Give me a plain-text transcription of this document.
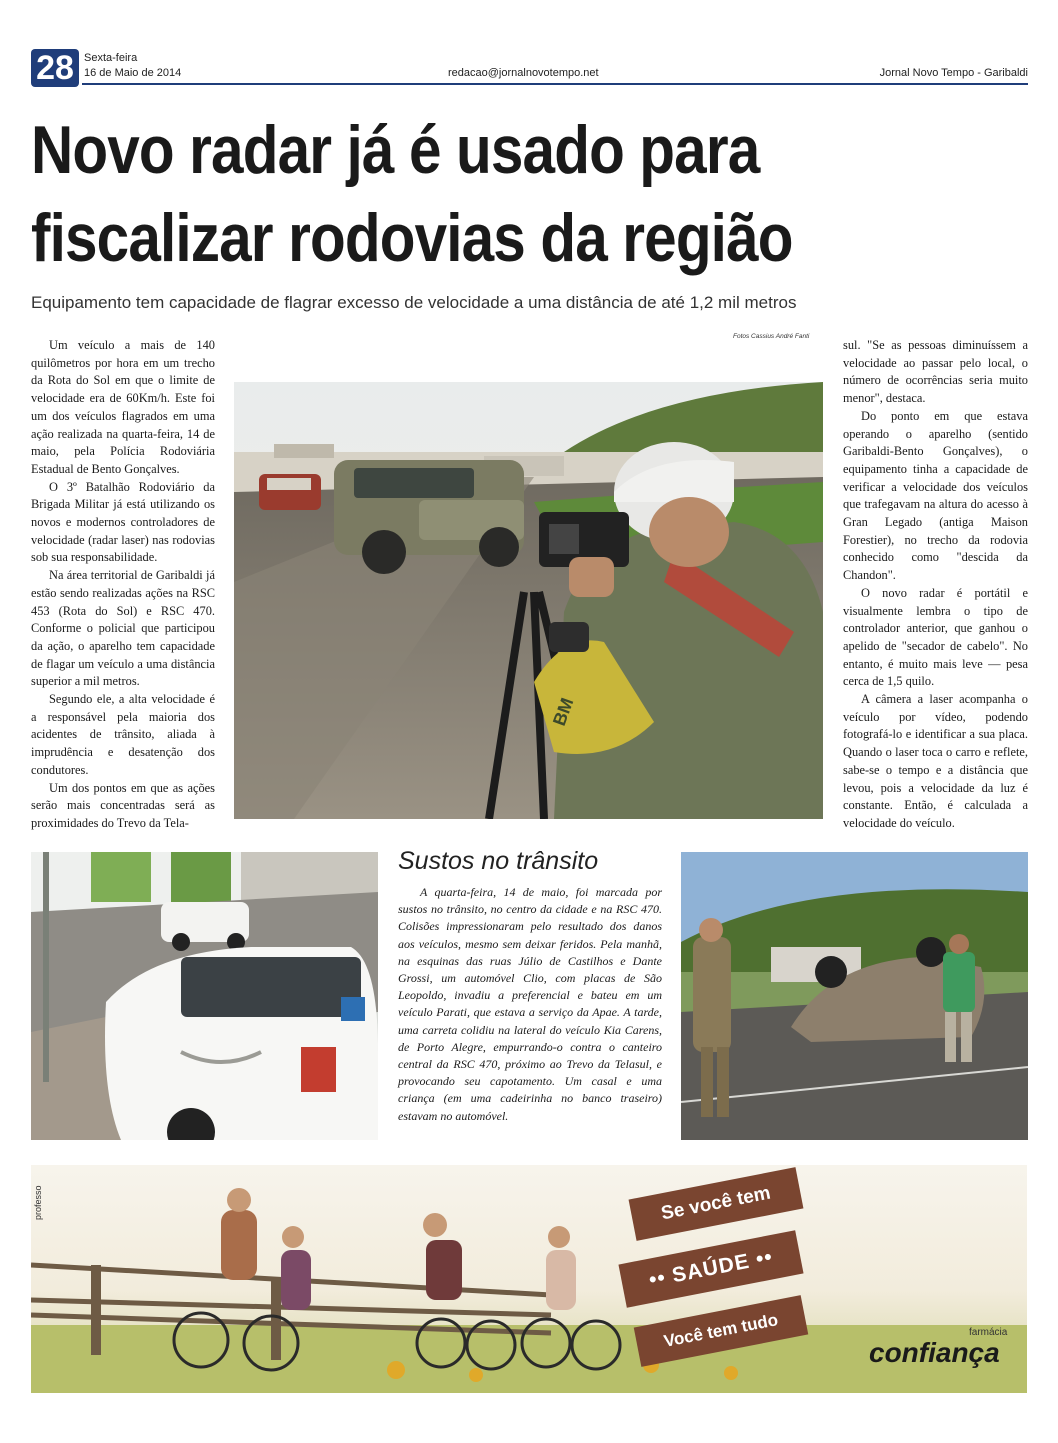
28 Sexta-feira
16 de Maio de 2014	redacao@jornalnovotempo.net	Jornal Novo Tempo - Garibaldi
Novo radar já é usado para
fiscalizar rodovias da região
Equipamento tem capacidade de flagrar excesso de velocidade a uma distância de até 1,2 mil metros

Um veículo a mais de 140 quilômetros por hora em um trecho da Rota do Sol em que o limite de velocidade era de 60Km/h. Este foi um dos veículos flagrados em uma ação realizada na quarta-feira, 14 de maio, pela Polícia Rodoviária Estadual de Bento Gonçalves.

O 3º Batalhão Rodoviário da Brigada Militar já está utilizando os novos e modernos controladores de velocidade (radar laser) nas rodovias sob sua responsabilidade.

Na área territorial de Garibaldi já estão sendo realizadas ações na RSC 453 (Rota do Sol) e RSC 470. Conforme o policial que participou da ação, o aparelho tem capacidade de flagar um veículo a uma distância superior a mil metros.

Segundo ele, a alta velocidade é a responsável pela maioria dos acidentes de trânsito, aliada à imprudência e desatenção dos condutores.

Um dos pontos em que as ações serão mais concentradas será as proximidades do Trevo da Tela-

Fotos Cassius André Fanti
BM

sul. "Se as pessoas diminuíssem a velocidade ao passar pelo local, o número de ocorrências seria muito menor", destaca.

Do ponto em que estava operando o aparelho (sentido Garibaldi-Bento Gonçalves), o equipamento tinha a capacidade de verificar a velocidade dos veículos que trafegavam na altura do acesso à Gran Legado (antiga Maison Forestier), no trecho da rodovia conhecido como "descida da Chandon".

O novo radar é portátil e visualmente lembra o tipo de controlador anterior, que ganhou o apelido de "secador de cabelo". No entanto, é muito mais leve — pesa cerca de 1,5 quilo.

A câmera a laser acompanha o veículo por vídeo, podendo fotografá-lo e identificar a sua placa. Quando o laser toca o carro e reflete, sabe-se o tempo e a distância que levou, pois a velocidade da luz é constante. Então, é calculada a velocidade do veículo.

Sustos no trânsito
A quarta-feira, 14 de maio, foi marcada por sustos no trânsito, no centro da cidade e na RSC 470. Colisões impressionaram pelo resultado dos danos aos veículos, mesmo sem deixar feridos. Pela manhã, na esquinas das ruas Júlio de Castilhos e Dante Grossi, um automóvel Clio, com placas de São Leopoldo, invadiu a preferencial e bateu em um veículo Parati, que estava a serviço da Apae. A tarde, uma carreta colidiu na lateral do veículo Kia Carens, de Porto Alegre, empurrando-o contra o canteiro central da RSC 470, próximo ao Trevo da Telasul, e provocando seu capotamento. Um casal e uma criança (em uma cadeirinha no banco traseiro) estavam no automóvel.
professo	Se você tem
•• SAÚDE ••
Você tem tudo	farmácia
confiança
